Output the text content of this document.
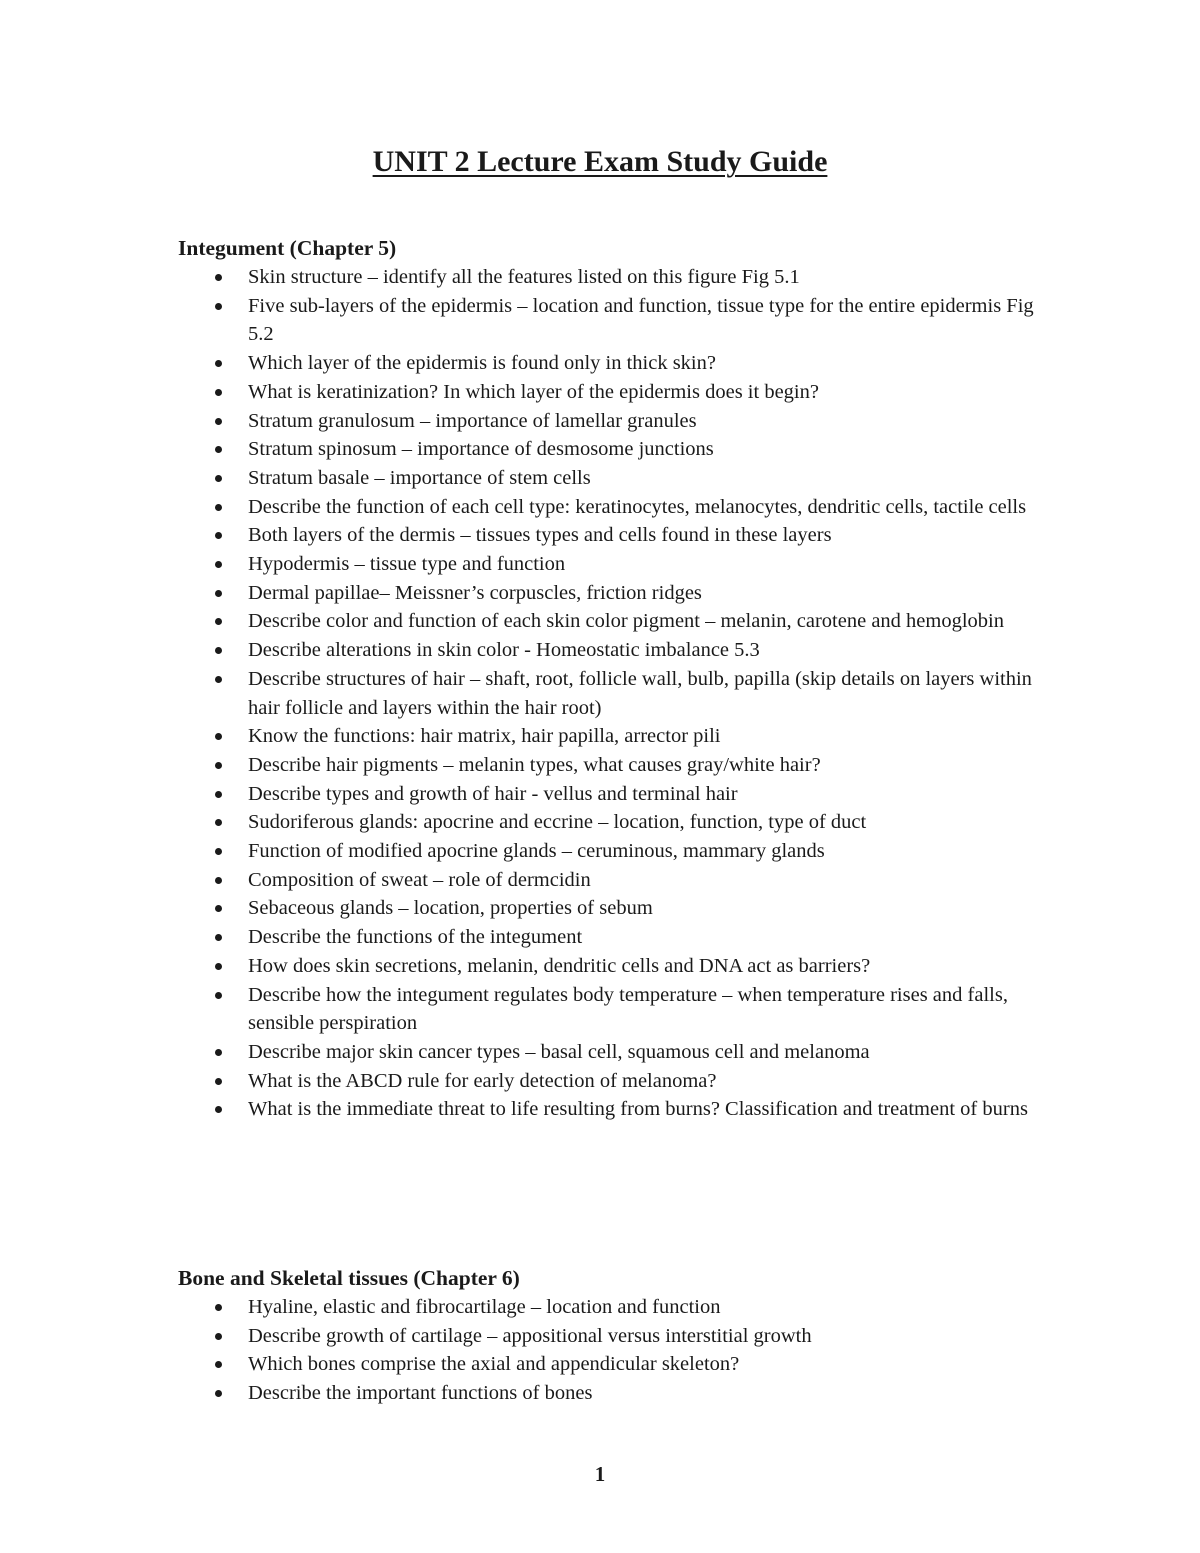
UNIT 2 Lecture Exam Study Guide
Integument (Chapter 5)
Skin structure – identify all the features listed on this figure Fig 5.1
Five sub-layers of the epidermis – location and function, tissue type for the entire epidermis Fig 5.2
Which layer of the epidermis is found only in thick skin?
What is keratinization? In which layer of the epidermis does it begin?
Stratum granulosum – importance of lamellar granules
Stratum spinosum – importance of desmosome junctions
Stratum basale – importance of stem cells
Describe the function of each cell type: keratinocytes, melanocytes, dendritic cells, tactile cells
Both layers of the dermis – tissues types and cells found in these layers
Hypodermis – tissue type and function
Dermal papillae– Meissner’s corpuscles, friction ridges
Describe color and function of each skin color pigment – melanin, carotene and hemoglobin
Describe alterations in skin color - Homeostatic imbalance 5.3
Describe structures of hair – shaft, root, follicle wall, bulb, papilla (skip details on layers within hair follicle and layers within the hair root)
Know the functions: hair matrix, hair papilla, arrector pili
Describe hair pigments – melanin types, what causes gray/white hair?
Describe types and growth of hair - vellus and terminal hair
Sudoriferous glands: apocrine and eccrine – location, function, type of duct
Function of modified apocrine glands – ceruminous, mammary glands
Composition of sweat – role of dermcidin
Sebaceous glands – location, properties of sebum
Describe the functions of the integument
How does skin secretions, melanin, dendritic cells and DNA act as barriers?
Describe how the integument regulates body temperature – when temperature rises and falls, sensible perspiration
Describe major skin cancer types – basal cell, squamous cell and melanoma
What is the ABCD rule for early detection of melanoma?
What is the immediate threat to life resulting from burns? Classification and treatment of burns
Bone and Skeletal tissues (Chapter 6)
Hyaline, elastic and fibrocartilage – location and function
Describe growth of cartilage – appositional versus interstitial growth
Which bones comprise the axial and appendicular skeleton?
Describe the important functions of bones
1
